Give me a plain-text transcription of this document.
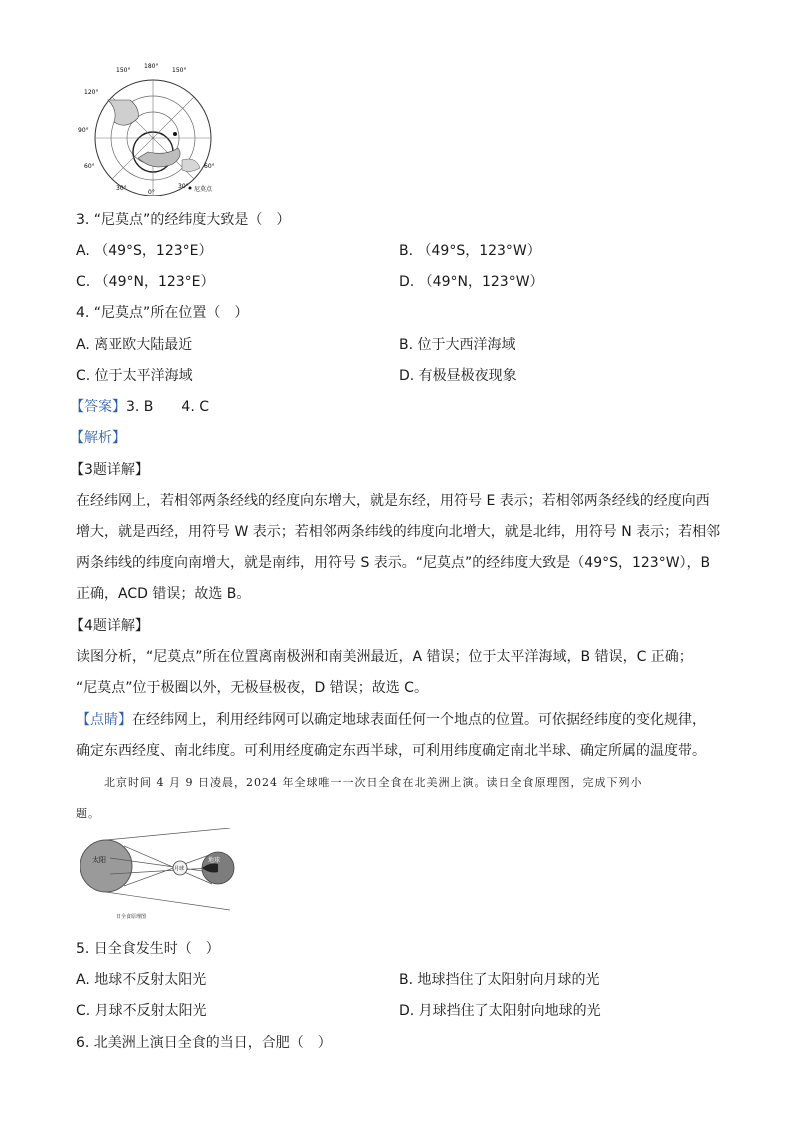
150°
180°
150°
120°
90°
60°
30°
0°
30°
60°
尼莫点
3. “尼莫点”的经纬度大致是（　）
A. （49°S，123°E）	B. （49°S，123°W）
C. （49°N，123°E）	D. （49°N，123°W）
4. “尼莫点”所在位置（　）
A. 离亚欧大陆最近	B. 位于大西洋海域
C. 位于太平洋海域	D. 有极昼极夜现象
【答案】3. B　　4. C
【解析】
【3题详解】
在经纬网上，若相邻两条经线的经度向东增大，就是东经，用符号 E 表示；若相邻两条经线的经度向西
增大，就是西经，用符号 W 表示；若相邻两条纬线的纬度向北增大，就是北纬，用符号 N 表示；若相邻
两条纬线的纬度向南增大，就是南纬，用符号 S 表示。“尼莫点”的经纬度大致是（49°S，123°W），B
正确，ACD 错误；故选 B。
【4题详解】
读图分析，“尼莫点”所在位置离南极洲和南美洲最近，A 错误；位于太平洋海域，B 错误，C 正确；
“尼莫点”位于极圈以外，无极昼极夜，D 错误；故选 C。
【点睛】在经纬网上，利用经纬网可以确定地球表面任何一个地点的位置。可依据经纬度的变化规律，
确定东西经度、南北纬度。可利用经度确定东西半球，可利用纬度确定南北半球、确定所属的温度带。
北京时间 4 月 9 日凌晨，2024 年全球唯一一次日全食在北美洲上演。读日全食原理图，完成下列小
题。
太阳
月球
地球
日全食原理图
5. 日全食发生时（　）
A. 地球不反射太阳光	B. 地球挡住了太阳射向月球的光
C. 月球不反射太阳光	D. 月球挡住了太阳射向地球的光
6. 北美洲上演日全食的当日，合肥（　）
